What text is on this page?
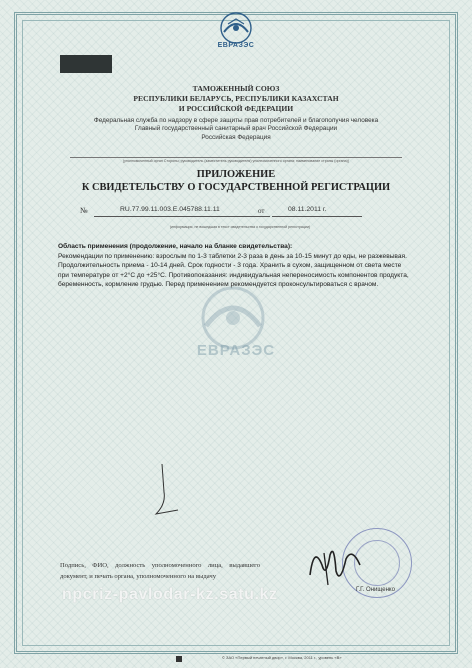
ЕВРАЗЭС
ТАМОЖЕННЫЙ СОЮЗ
РЕСПУБЛИКИ БЕЛАРУСЬ, РЕСПУБЛИКИ КАЗАХСТАН
И РОССИЙСКОЙ ФЕДЕРАЦИИ
Федеральная служба по надзору в сфере защиты прав потребителей и благополучия человека
Главный государственный санитарный врач Российской Федерации
Российская Федерация
(уполномоченный орган Стороны; руководитель (заместитель руководителя) уполномоченного органа; наименование страны (органа))
ПРИЛОЖЕНИЕ
К СВИДЕТЕЛЬСТВУ О ГОСУДАРСТВЕННОЙ РЕГИСТРАЦИИ
№	RU.77.99.11.003.Е.045788.11.11	от	08.11.2011 г.
(информация, не вошедшая в текст свидетельства о государственной регистрации)
ЕВРАЗЭС
Область применения (продолжение, начало на бланке свидетельства):
Рекомендации по применению: взрослым по 1-3 таблетки 2-3 раза в день за 10-15 минут до еды, не разжевывая. Продолжительность приема - 10-14 дней. Срок годности - 3 года. Хранить в сухом, защищенном от света месте при температуре от +2°С до +25°С. Противопоказания: индивидуальная непереносимость компонентов продукта, беременность, кормление грудью. Перед применением рекомендуется проконсультироваться с врачом.
Подпись, ФИО, должность уполномоченного лица, выдавшего документ, и печать органа, уполномоченного на выдачу
Г.Г. Онищенко
npcriz-pavlodar-kz.satu.kz
© ЗАО «Первый печатный двор», г. Москва, 2011 г., уровень «В»
